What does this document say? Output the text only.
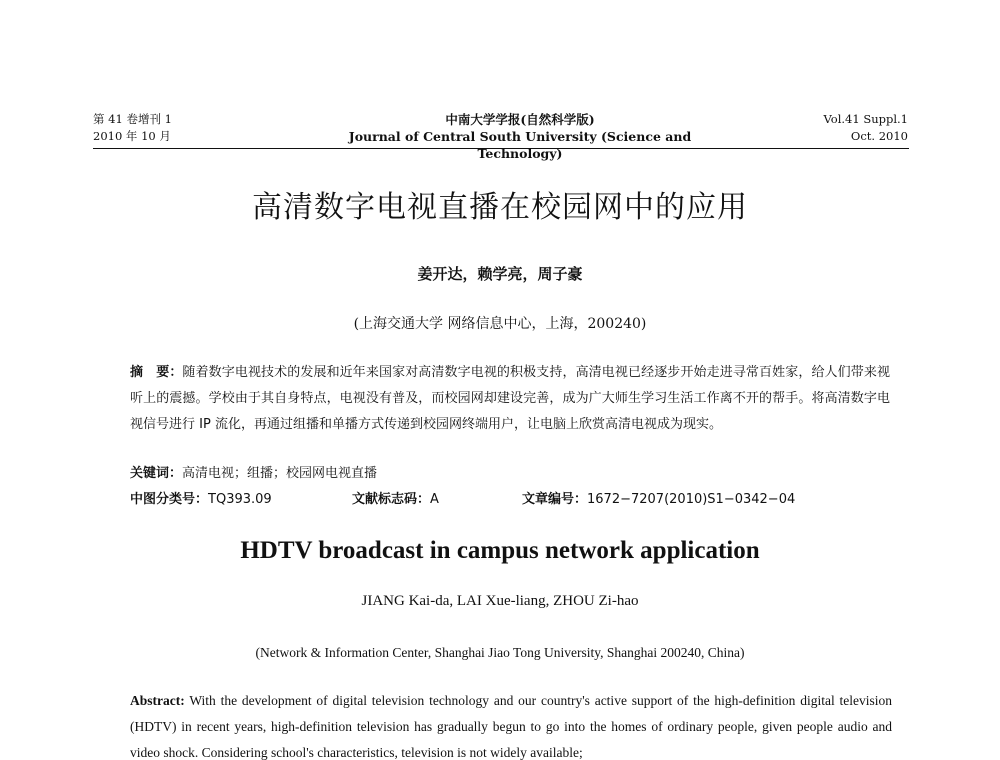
第 41 卷增刊 1
2010 年 10 月
中南大学学报(自然科学版)
Journal of Central South University (Science and Technology)
Vol.41 Suppl.1
Oct. 2010
高清数字电视直播在校园网中的应用
姜开达，赖学亮，周子豪
(上海交通大学 网络信息中心，上海，200240)
摘　要：随着数字电视技术的发展和近年来国家对高清数字电视的积极支持，高清电视已经逐步开始走进寻常百姓家，给人们带来视听上的震撼。学校由于其自身特点，电视没有普及，而校园网却建设完善，成为广大师生学习生活工作离不开的帮手。将高清数字电视信号进行 IP 流化，再通过组播和单播方式传递到校园网终端用户，让电脑上欣赏高清电视成为现实。
关键词：高清电视；组播；校园网电视直播
中图分类号：TQ393.09	文献标志码：A	文章编号：1672−7207(2010)S1−0342−04
HDTV broadcast in campus network application
JIANG Kai-da, LAI Xue-liang, ZHOU Zi-hao
(Network & Information Center, Shanghai Jiao Tong University, Shanghai 200240, China)
Abstract: With the development of digital television technology and our country's active support of the high-definition digital television (HDTV) in recent years, high-definition television has gradually begun to go into the homes of ordinary people, given people audio and video shock. Considering school's characteristics, television is not widely available;
